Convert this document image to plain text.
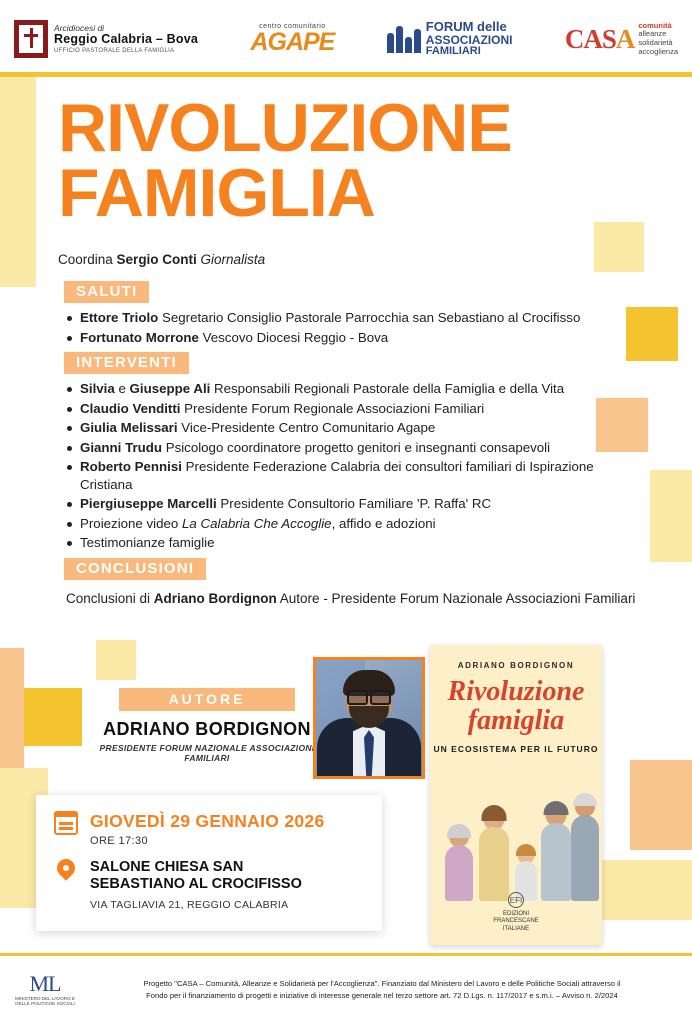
Arcidiocesi di
Reggio Calabria – Bova
UFFICIO PASTORALE DELLA FAMIGLIA
centro comunitario
AGAPE
FORUM delle
ASSOCIAZIONI
FAMILIARI	CASA comunità
alleanze
solidarietà
accoglienza
RIVOLUZIONE
FAMIGLIA
Coordina Sergio Conti Giornalista
SALUTI
Ettore Triolo Segretario Consiglio Pastorale Parrocchia san Sebastiano al Crocifisso
Fortunato Morrone Vescovo Diocesi Reggio - Bova
INTERVENTI
Silvia e Giuseppe Ali Responsabili Regionali Pastorale della Famiglia e della Vita
Claudio Venditti Presidente Forum Regionale Associazioni Familiari
Giulia Melissari Vice-Presidente Centro Comunitario Agape
Gianni Trudu Psicologo coordinatore progetto genitori e insegnanti consapevoli
Roberto Pennisi Presidente Federazione Calabria dei consultori familiari di Ispirazione Cristiana
Piergiuseppe Marcelli Presidente Consultorio Familiare 'P. Raffa' RC
Proiezione video La Calabria Che Accoglie, affido e adozioni
Testimonianze famiglie
CONCLUSIONI
Conclusioni di Adriano Bordignon Autore - Presidente Forum Nazionale Associazioni Familiari
AUTORE
ADRIANO BORDIGNON
PRESIDENTE FORUM NAZIONALE ASSOCIAZIONI FAMILIARI
ADRIANO BORDIGNON
Rivoluzione
famiglia
UN ECOSISTEMA PER IL FUTURO
EFI
EDIZIONI
FRANCESCANE
ITALIANE
GIOVEDÌ 29 GENNAIO 2026
ORE 17:30
SALONE CHIESA SAN
SEBASTIANO AL CROCIFISSO
VIA TAGLIAVIA 21, REGGIO CALABRIA
ML
MINISTERO DEL LAVORO E DELLE POLITICHE SOCIALI
Progetto "CASA – Comunità, Alleanze e Solidarietà per l'Accoglienza". Finanziato dal Ministero del Lavoro e delle Politiche Sociali attraverso il
Fondo per il finanziamento di progetti e iniziative di interesse generale nel terzo settore art. 72 D.Lgs. n. 117/2017 e s.m.i. – Avviso n. 2/2024
